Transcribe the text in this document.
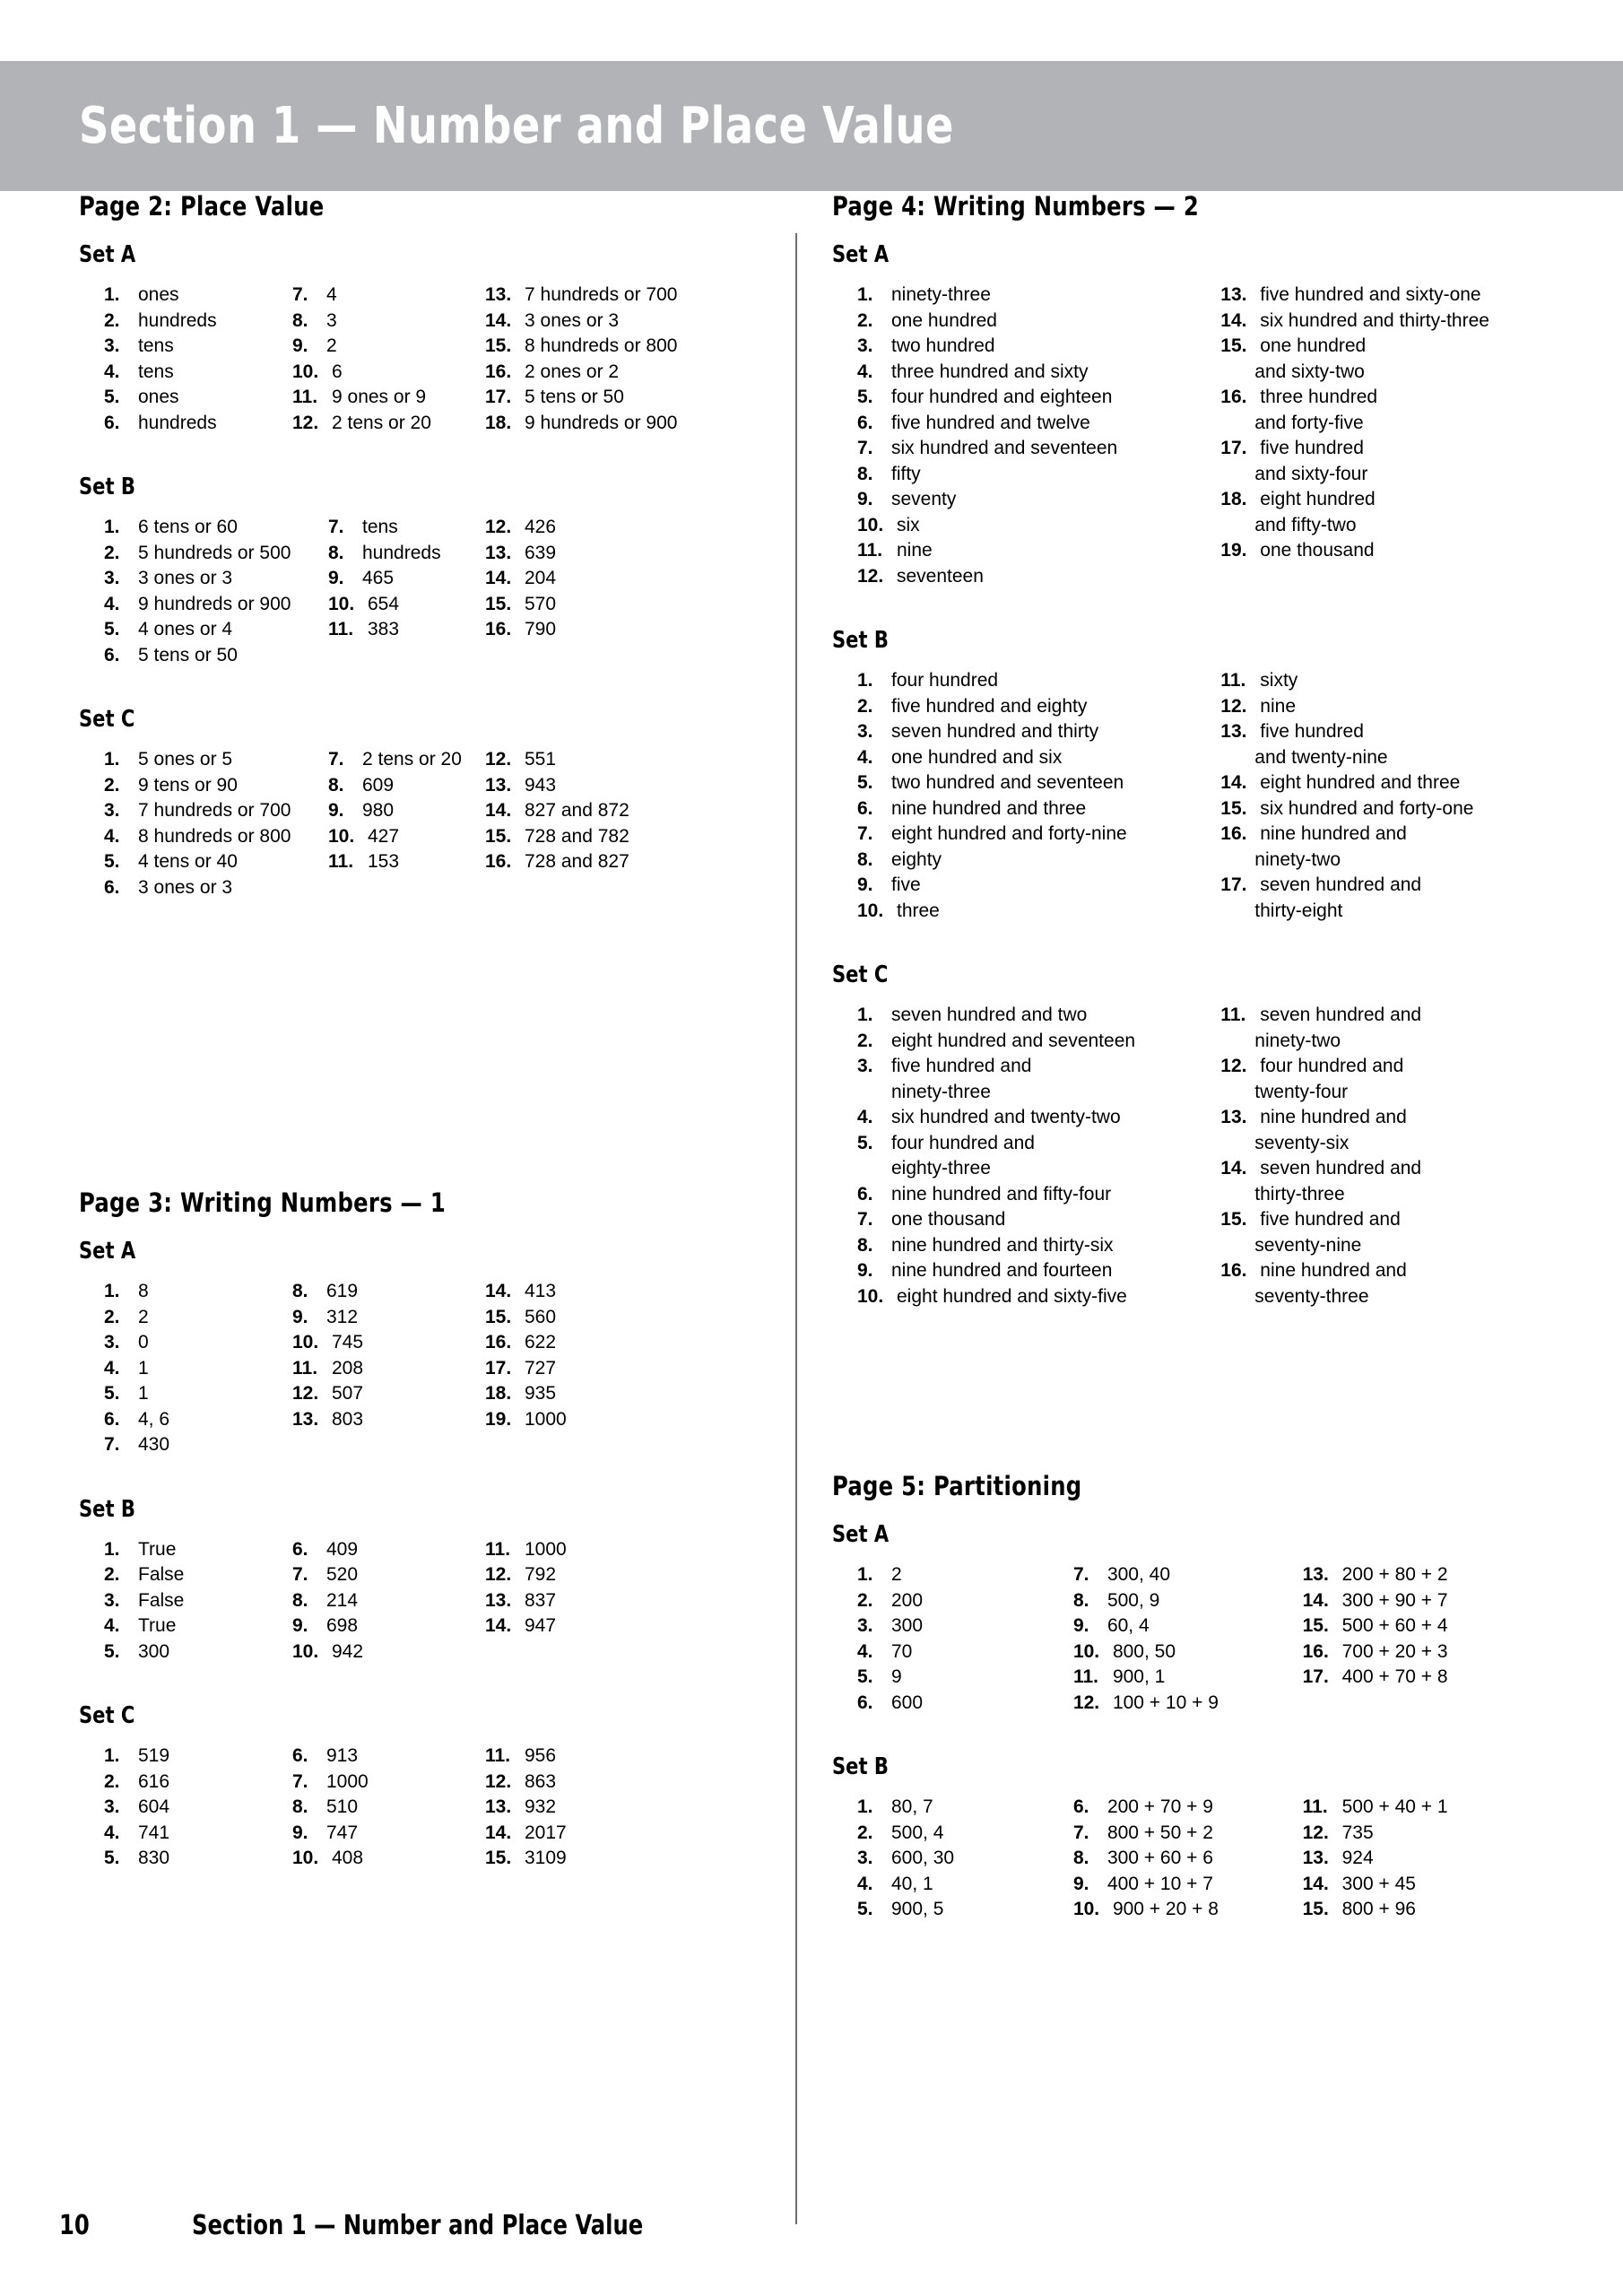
Section 1 — Number and Place Value
Page 2: Place Value
Set A
1. ones
2. hundreds
3. tens
4. tens
5. ones
6. hundreds
7. 4
8. 3
9. 2
10. 6
11. 9 ones or 9
12. 2 tens or 20
13. 7 hundreds or 700
14. 3 ones or 3
15. 8 hundreds or 800
16. 2 ones or 2
17. 5 tens or 50
18. 9 hundreds or 900
Set B
1. 6 tens or 60
2. 5 hundreds or 500
3. 3 ones or 3
4. 9 hundreds or 900
5. 4 ones or 4
6. 5 tens or 50
7. tens
8. hundreds
9. 465
10. 654
11. 383
12. 426
13. 639
14. 204
15. 570
16. 790
Set C
1. 5 ones or 5
2. 9 tens or 90
3. 7 hundreds or 700
4. 8 hundreds or 800
5. 4 tens or 40
6. 3 ones or 3
7. 2 tens or 20
8. 609
9. 980
10. 427
11. 153
12. 551
13. 943
14. 827 and 872
15. 728 and 782
16. 728 and 827
Page 3: Writing Numbers — 1
Set A
1. 8
2. 2
3. 0
4. 1
5. 1
6. 4, 6
7. 430
8. 619
9. 312
10. 745
11. 208
12. 507
13. 803
14. 413
15. 560
16. 622
17. 727
18. 935
19. 1000
Set B
1. True
2. False
3. False
4. True
5. 300
6. 409
7. 520
8. 214
9. 698
10. 942
11. 1000
12. 792
13. 837
14. 947
Set C
1. 519
2. 616
3. 604
4. 741
5. 830
6. 913
7. 1000
8. 510
9. 747
10. 408
11. 956
12. 863
13. 932
14. 2017
15. 3109
Page 4: Writing Numbers — 2
Set A
1. ninety-three
2. one hundred
3. two hundred
4. three hundred and sixty
5. four hundred and eighteen
6. five hundred and twelve
7. six hundred and seventeen
8. fifty
9. seventy
10. six
11. nine
12. seventeen
13. five hundred and sixty-one
14. six hundred and thirty-three
15. one hundred
and sixty-two
16. three hundred
and forty-five
17. five hundred
and sixty-four
18. eight hundred
and fifty-two
19. one thousand
Set B
1. four hundred
2. five hundred and eighty
3. seven hundred and thirty
4. one hundred and six
5. two hundred and seventeen
6. nine hundred and three
7. eight hundred and forty-nine
8. eighty
9. five
10. three
11. sixty
12. nine
13. five hundred
and twenty-nine
14. eight hundred and three
15. six hundred and forty-one
16. nine hundred and
ninety-two
17. seven hundred and
thirty-eight
Set C
1. seven hundred and two
2. eight hundred and seventeen
3. five hundred and
ninety-three
4. six hundred and twenty-two
5. four hundred and
eighty-three
6. nine hundred and fifty-four
7. one thousand
8. nine hundred and thirty-six
9. nine hundred and fourteen
10. eight hundred and sixty-five
11. seven hundred and
ninety-two
12. four hundred and
twenty-four
13. nine hundred and
seventy-six
14. seven hundred and
thirty-three
15. five hundred and
seventy-nine
16. nine hundred and
seventy-three
Page 5: Partitioning
Set A
1. 2
2. 200
3. 300
4. 70
5. 9
6. 600
7. 300, 40
8. 500, 9
9. 60, 4
10. 800, 50
11. 900, 1
12. 100 + 10 + 9
13. 200 + 80 + 2
14. 300 + 90 + 7
15. 500 + 60 + 4
16. 700 + 20 + 3
17. 400 + 70 + 8
Set B
1. 80, 7
2. 500, 4
3. 600, 30
4. 40, 1
5. 900, 5
6. 200 + 70 + 9
7. 800 + 50 + 2
8. 300 + 60 + 6
9. 400 + 10 + 7
10. 900 + 20 + 8
11. 500 + 40 + 1
12. 735
13. 924
14. 300 + 45
15. 800 + 96
10	Section 1 — Number and Place Value
